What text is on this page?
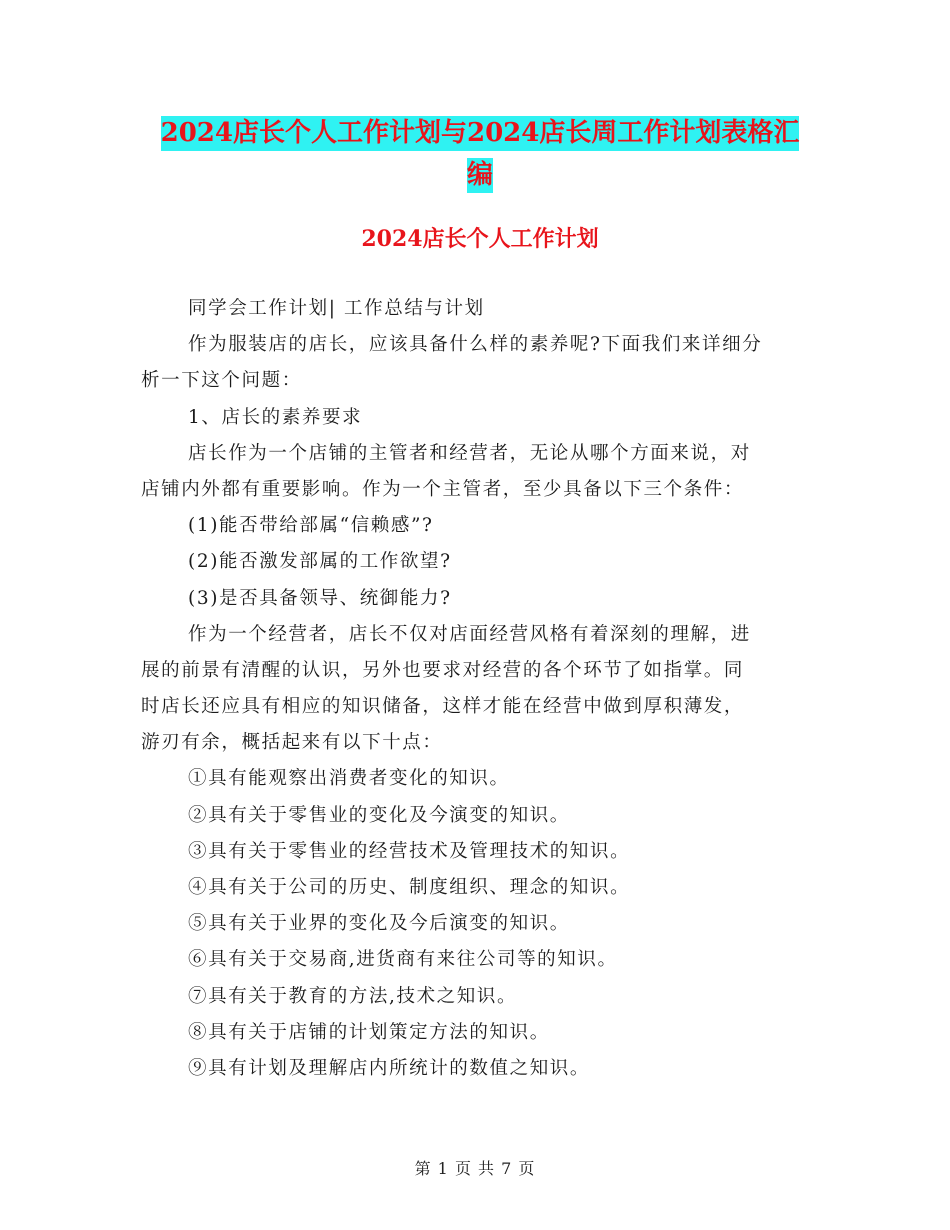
2024店长个人工作计划与2024店长周工作计划表格汇
编
2024店长个人工作计划
同学会工作计划| 工作总结与计划
作为服装店的店长，应该具备什么样的素养呢?下面我们来详细分
析一下这个问题：
1、店长的素养要求
店长作为一个店铺的主管者和经营者，无论从哪个方面来说，对
店铺内外都有重要影响。作为一个主管者，至少具备以下三个条件：
(1)能否带给部属“信赖感”?
(2)能否激发部属的工作欲望?
(3)是否具备领导、统御能力?
作为一个经营者，店长不仅对店面经营风格有着深刻的理解，进
展的前景有清醒的认识，另外也要求对经营的各个环节了如指掌。同
时店长还应具有相应的知识储备，这样才能在经营中做到厚积薄发，
游刃有余，概括起来有以下十点：
①具有能观察出消费者变化的知识。
②具有关于零售业的变化及今演变的知识。
③具有关于零售业的经营技术及管理技术的知识。
④具有关于公司的历史、制度组织、理念的知识。
⑤具有关于业界的变化及今后演变的知识。
⑥具有关于交易商,进货商有来往公司等的知识。
⑦具有关于教育的方法,技术之知识。
⑧具有关于店铺的计划策定方法的知识。
⑨具有计划及理解店内所统计的数值之知识。
第 1 页 共 7 页
